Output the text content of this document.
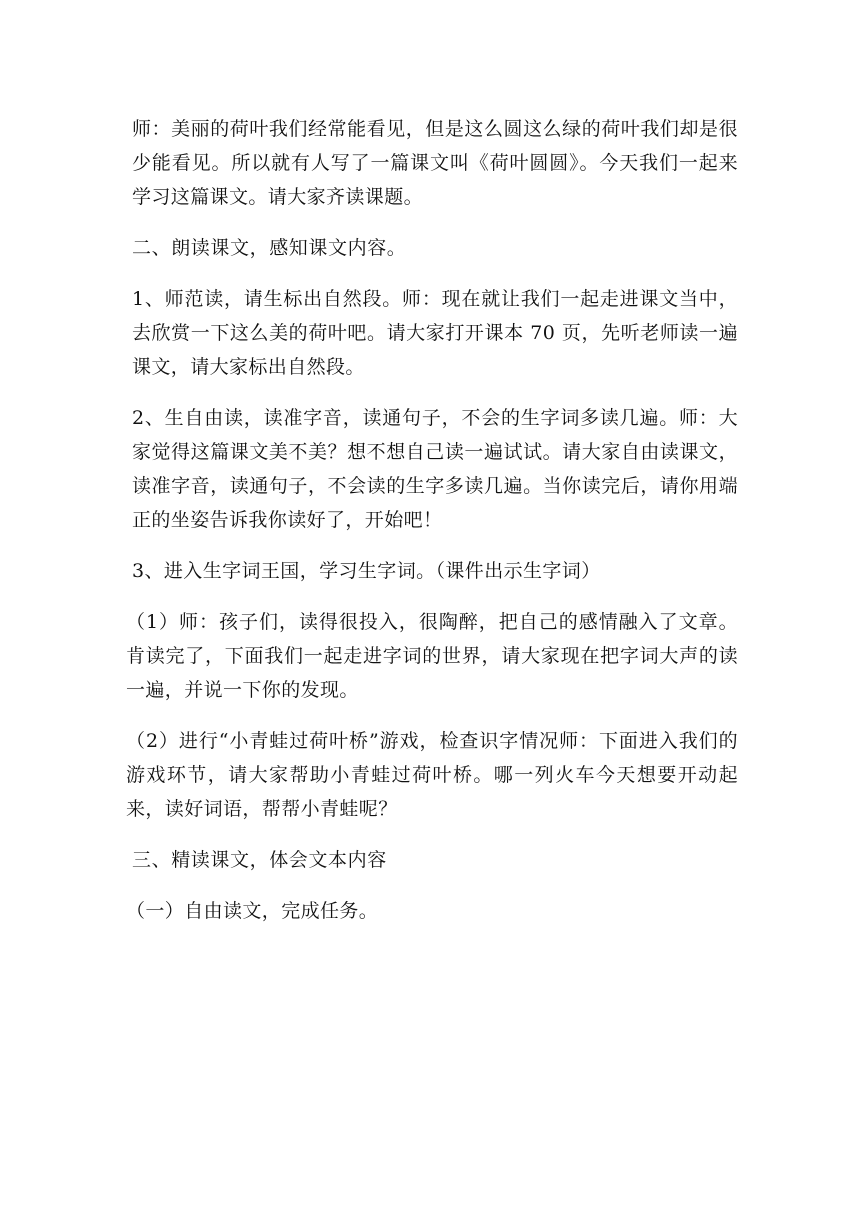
师：美丽的荷叶我们经常能看见，但是这么圆这么绿的荷叶我们却是很少能看见。所以就有人写了一篇课文叫《荷叶圆圆》。今天我们一起来学习这篇课文。请大家齐读课题。

二、朗读课文，感知课文内容。

1、师范读，请生标出自然段。师：现在就让我们一起走进课文当中，去欣赏一下这么美的荷叶吧。请大家打开课本 70 页，先听老师读一遍课文，请大家标出自然段。

2、生自由读，读准字音，读通句子，不会的生字词多读几遍。师：大家觉得这篇课文美不美？想不想自己读一遍试试。请大家自由读课文，读准字音，读通句子，不会读的生字多读几遍。当你读完后，请你用端正的坐姿告诉我你读好了，开始吧！

3、进入生字词王国，学习生字词。（课件出示生字词）

（1）师：孩子们，读得很投入，很陶醉，把自己的感情融入了文章。肯读完了，下面我们一起走进字词的世界，请大家现在把字词大声的读一遍，并说一下你的发现。

（2）进行“小青蛙过荷叶桥”游戏，检查识字情况师：下面进入我们的游戏环节，请大家帮助小青蛙过荷叶桥。哪一列火车今天想要开动起来，读好词语，帮帮小青蛙呢？

三、精读课文，体会文本内容

（一）自由读文，完成任务。
